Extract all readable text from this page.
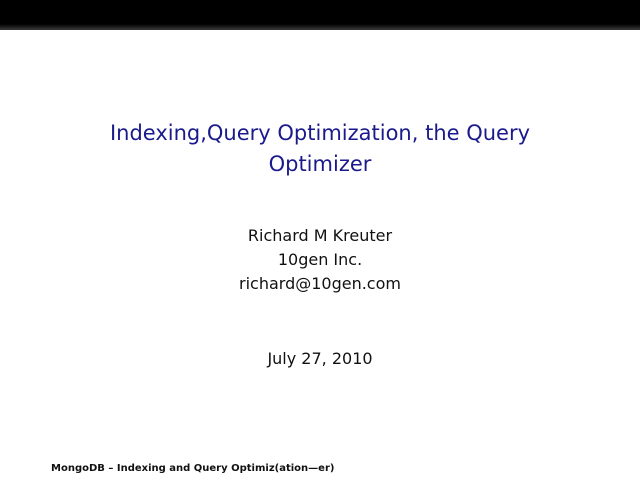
Indexing,Query Optimization, the Query
Optimizer
Richard M Kreuter
10gen Inc.
richard@10gen.com
July 27, 2010
MongoDB – Indexing and Query Optimiz(ation—er)
